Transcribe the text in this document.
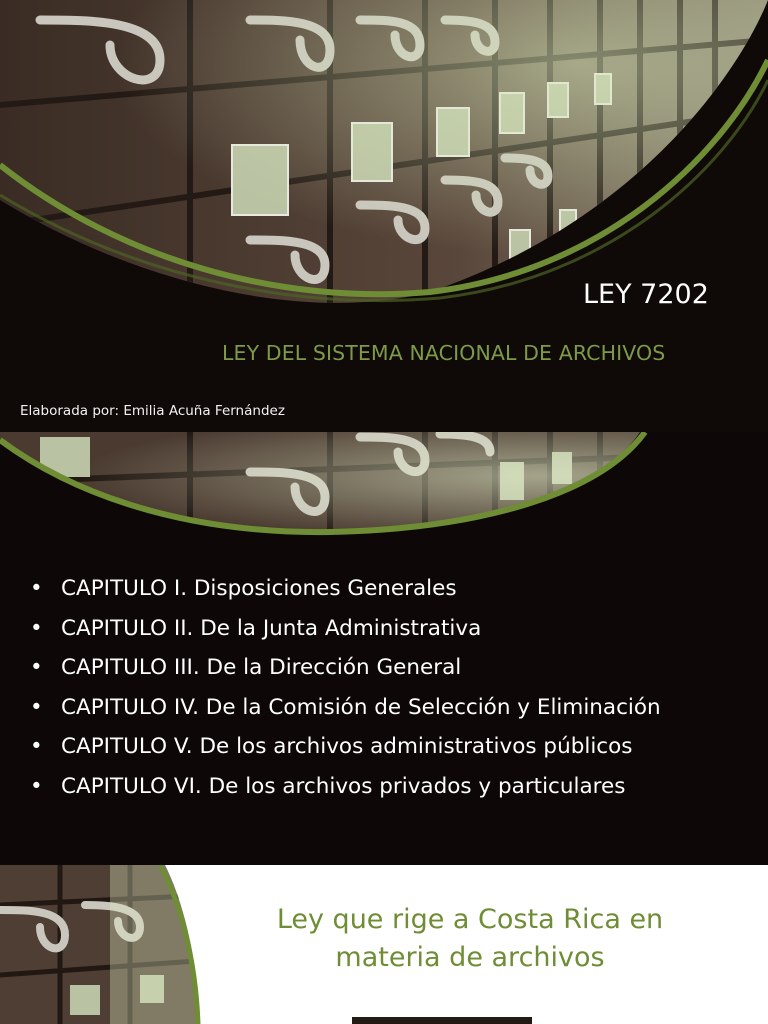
LEY 7202
LEY DEL SISTEMA NACIONAL DE ARCHIVOS
Elaborada por: Emilia Acuña Fernández
• CAPITULO I. Disposiciones Generales
• CAPITULO II. De la Junta Administrativa
• CAPITULO III. De la Dirección General
• CAPITULO IV. De la Comisión de Selección y Eliminación
• CAPITULO V. De los archivos administrativos públicos
• CAPITULO VI. De los archivos privados y particulares
Ley que rige a Costa Rica en
materia de archivos
